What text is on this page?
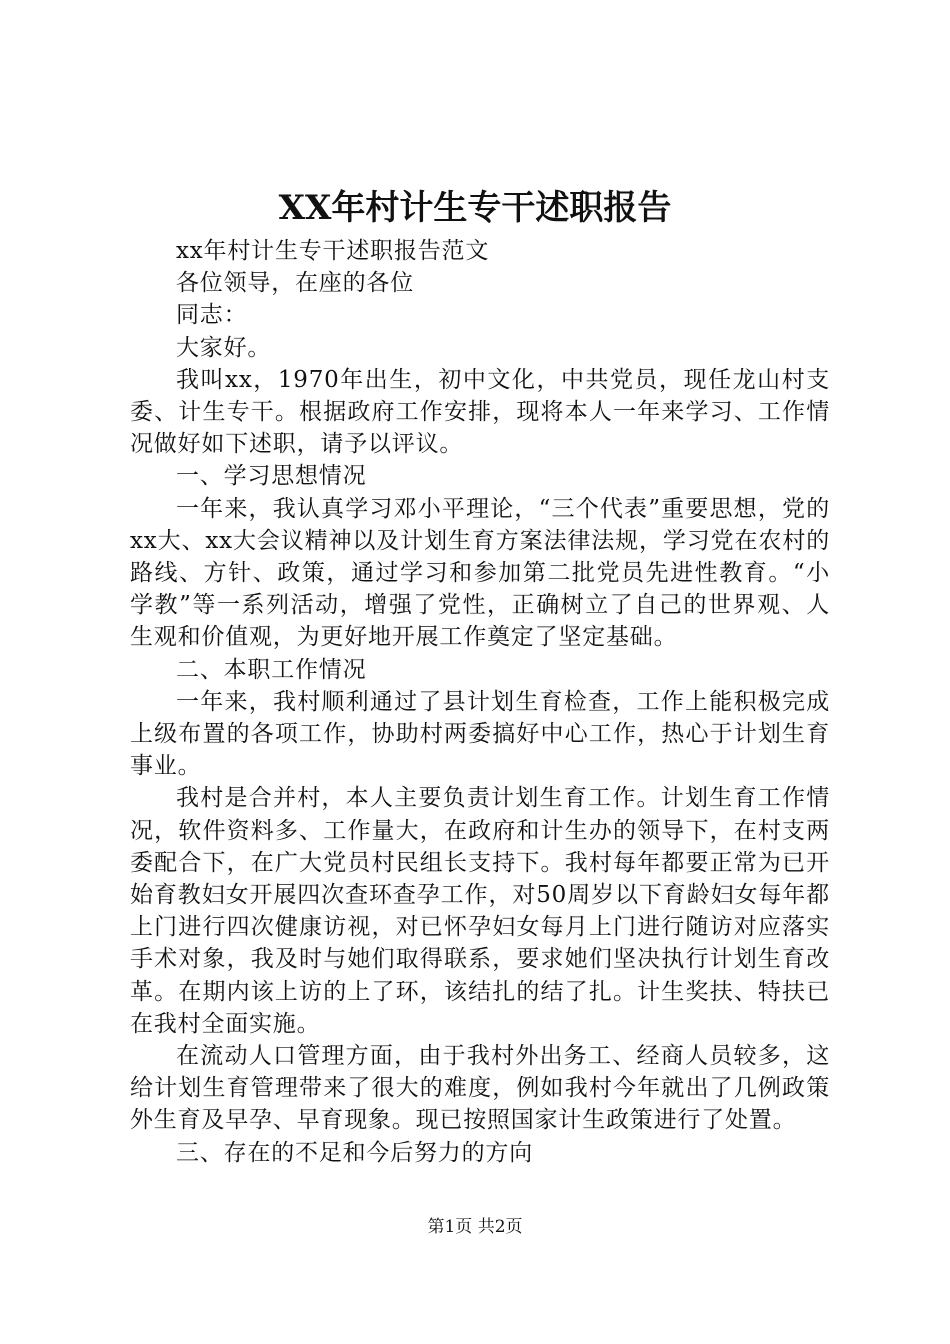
XX年村计生专干述职报告

xx年村计生专干述职报告范文

各位领导，在座的各位

同志：

大家好。

我叫xx，1970年出生，初中文化，中共党员，现任龙山村支委、计生专干。根据政府工作安排，现将本人一年来学习、工作情况做好如下述职，请予以评议。

一、学习思想情况

一年来，我认真学习邓小平理论，“三个代表”重要思想，党的xx大、xx大会议精神以及计划生育方案法律法规，学习党在农村的路线、方针、政策，通过学习和参加第二批党员先进性教育。“小学教”等一系列活动，增强了党性，正确树立了自己的世界观、人生观和价值观，为更好地开展工作奠定了坚定基础。

二、本职工作情况

一年来，我村顺利通过了县计划生育检查，工作上能积极完成上级布置的各项工作，协助村两委搞好中心工作，热心于计划生育事业。

我村是合并村，本人主要负责计划生育工作。计划生育工作情况，软件资料多、工作量大，在政府和计生办的领导下，在村支两委配合下，在广大党员村民组长支持下。我村每年都要正常为已开始育教妇女开展四次查环查孕工作，对50周岁以下育龄妇女每年都上门进行四次健康访视，对已怀孕妇女每月上门进行随访对应落实手术对象，我及时与她们取得联系，要求她们坚决执行计划生育改革。在期内该上访的上了环，该结扎的结了扎。计生奖扶、特扶已在我村全面实施。

在流动人口管理方面，由于我村外出务工、经商人员较多，这给计划生育管理带来了很大的难度，例如我村今年就出了几例政策外生育及早孕、早育现象。现已按照国家计生政策进行了处置。

三、存在的不足和今后努力的方向

第1页 共2页
